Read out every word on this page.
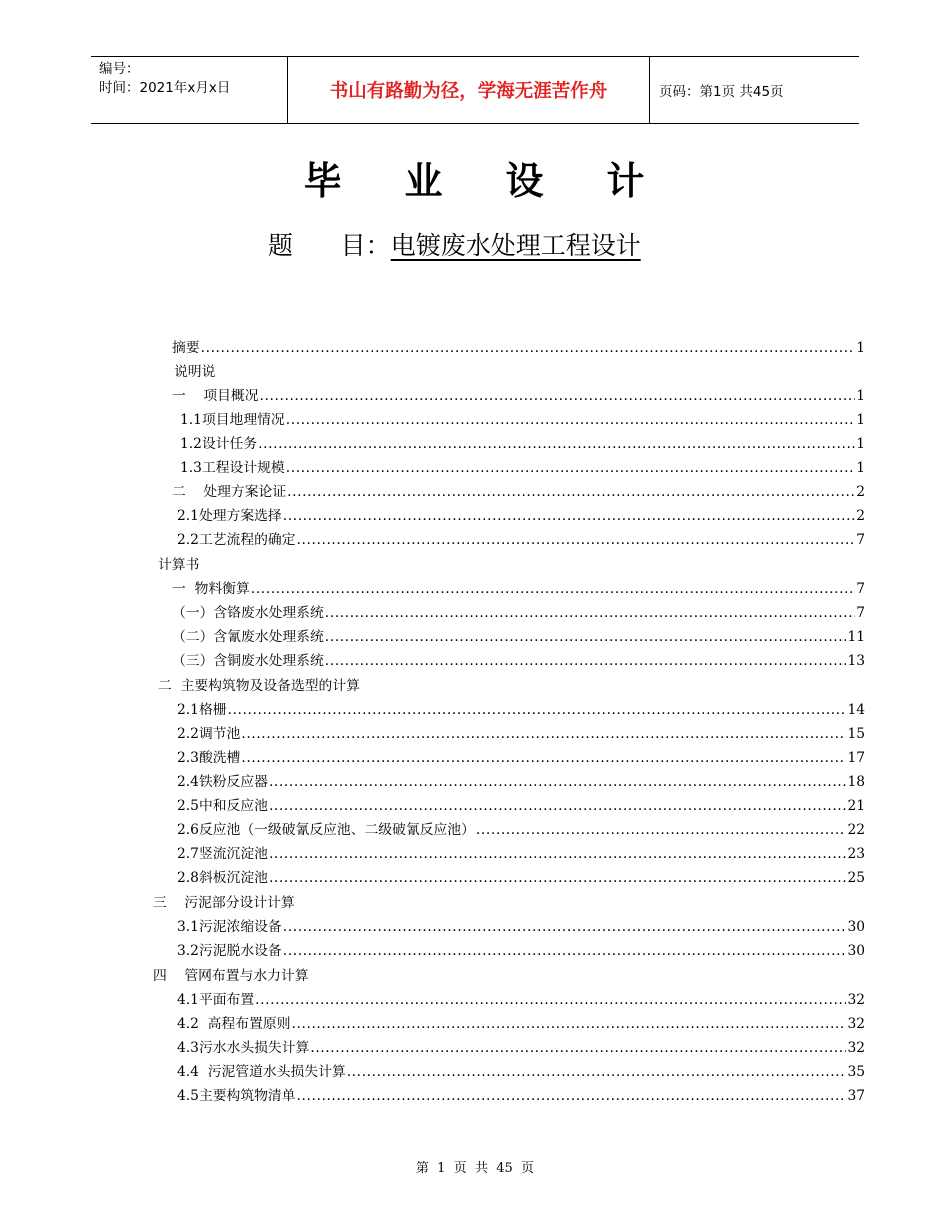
编号：
时间：2021年x月x日	书山有路勤为径，学海无涯苦作舟	页码：第1页 共45页
毕    业    设    计
题      目：电镀废水处理工程设计
摘要 .....	1
说明说
一    项目概况 .....	1
1.1项目地理情况 .....	1
1.2设计任务 .....	1
1.3工程设计规模 .....	1
二    处理方案论证 .....	2
2.1处理方案选择 .....	2
2.2工艺流程的确定 .....	7
计算书
一  物料衡算 .....	7
（一）含铬废水处理系统 .....	7
（二）含氰废水处理系统 .....	11
（三）含铜废水处理系统 .....	13
二  主要构筑物及设备选型的计算
2.1格栅 .....	14
2.2调节池 .....	15
2.3酸洗槽 .....	17
2.4铁粉反应器 .....	18
2.5中和反应池 .....	21
2.6反应池（一级破氰反应池、二级破氰反应池） .....	22
2.7竖流沉淀池 .....	23
2.8斜板沉淀池 .....	25
三    污泥部分设计计算
3.1污泥浓缩设备 .....	30
3.2污泥脱水设备 .....	30
四    管网布置与水力计算
4.1平面布置 .....	32
4.2  高程布置原则 .....	32
4.3污水水头损失计算 .....	32
4.4  污泥管道水头损失计算 .....	35
4.5主要构筑物清单 .....	37
第  1  页  共  45  页
